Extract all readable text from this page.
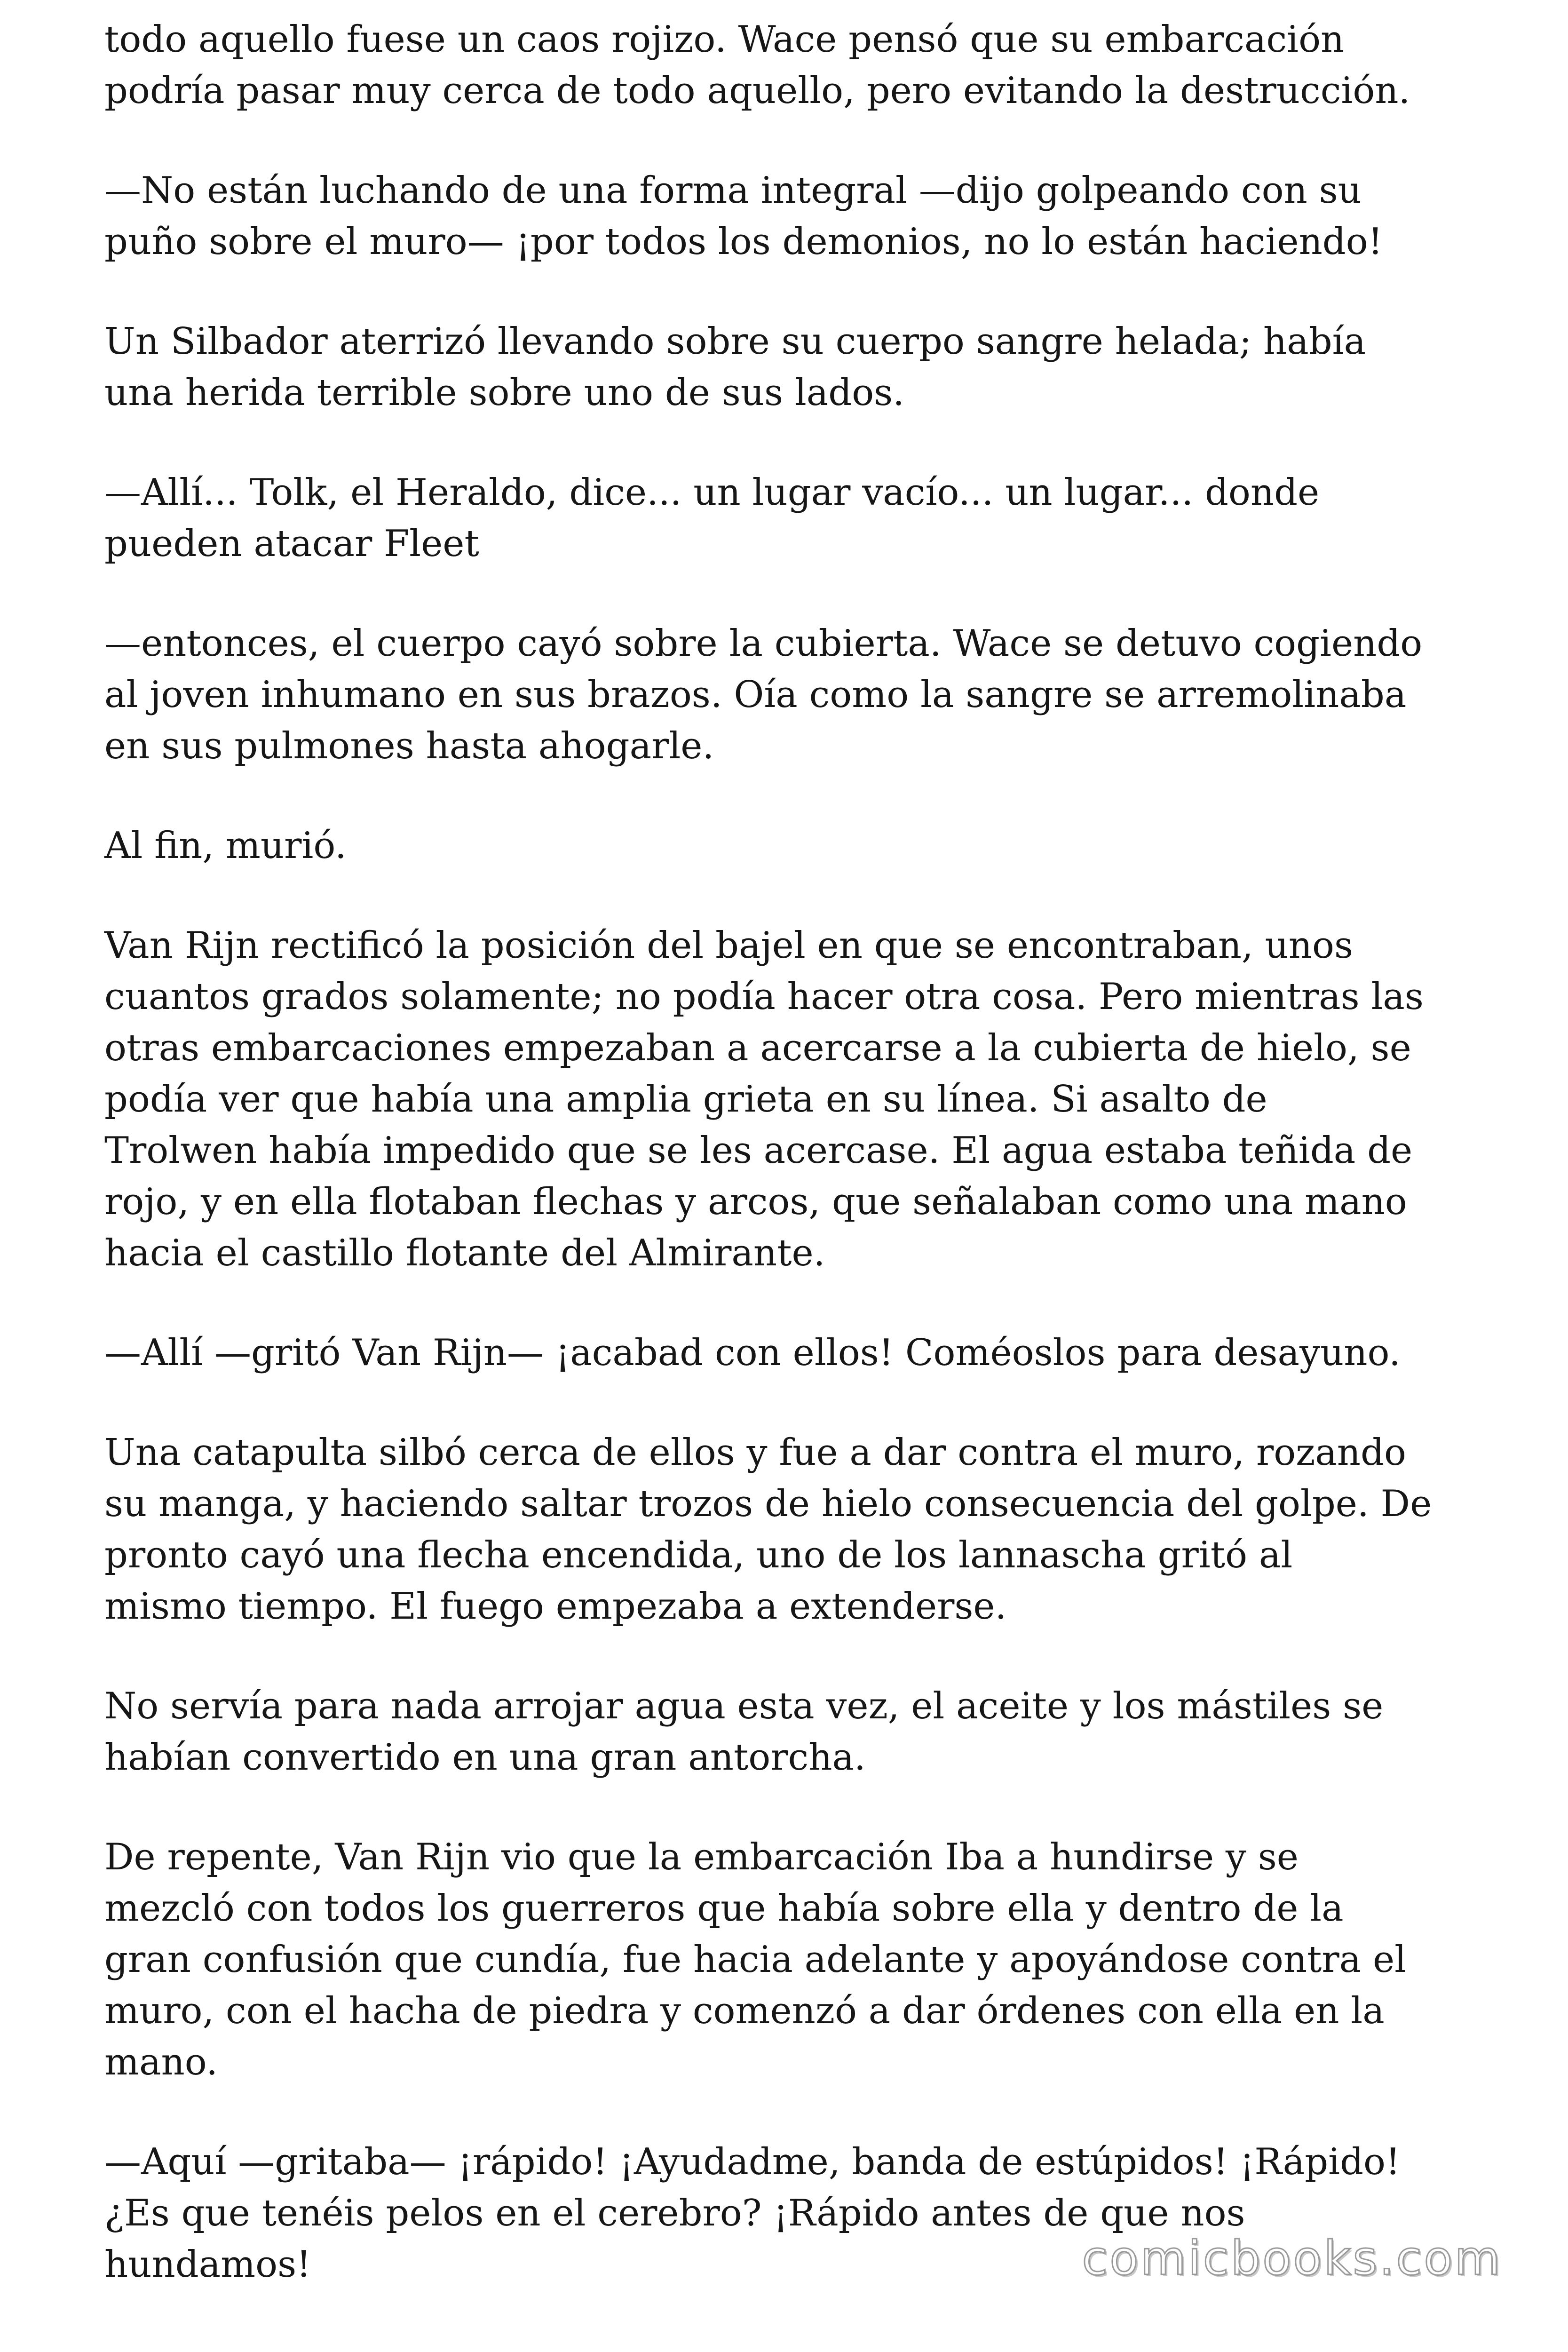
todo aquello fuese un caos rojizo. Wace pensó que su embarcación
podría pasar muy cerca de todo aquello, pero evitando la destrucción.

—No están luchando de una forma integral —dijo golpeando con su
puño sobre el muro— ¡por todos los demonios, no lo están haciendo!

Un Silbador aterrizó llevando sobre su cuerpo sangre helada; había
una herida terrible sobre uno de sus lados.

—Allí... Tolk, el Heraldo, dice... un lugar vacío... un lugar... donde
pueden atacar Fleet

—entonces, el cuerpo cayó sobre la cubierta. Wace se detuvo cogiendo
al joven inhumano en sus brazos. Oía como la sangre se arremolinaba
en sus pulmones hasta ahogarle.

Al fin, murió.

Van Rijn rectificó la posición del bajel en que se encontraban, unos
cuantos grados solamente; no podía hacer otra cosa. Pero mientras las
otras embarcaciones empezaban a acercarse a la cubierta de hielo, se
podía ver que había una amplia grieta en su línea. Si asalto de
Trolwen había impedido que se les acercase. El agua estaba teñida de
rojo, y en ella flotaban flechas y arcos, que señalaban como una mano
hacia el castillo flotante del Almirante.

—Allí —gritó Van Rijn— ¡acabad con ellos! Coméoslos para desayuno.

Una catapulta silbó cerca de ellos y fue a dar contra el muro, rozando
su manga, y haciendo saltar trozos de hielo consecuencia del golpe. De
pronto cayó una flecha encendida, uno de los lannascha gritó al
mismo tiempo. El fuego empezaba a extenderse.

No servía para nada arrojar agua esta vez, el aceite y los mástiles se
habían convertido en una gran antorcha.

De repente, Van Rijn vio que la embarcación Iba a hundirse y se
mezcló con todos los guerreros que había sobre ella y dentro de la
gran confusión que cundía, fue hacia adelante y apoyándose contra el
muro, con el hacha de piedra y comenzó a dar órdenes con ella en la
mano.

—Aquí —gritaba— ¡rápido! ¡Ayudadme, banda de estúpidos! ¡Rápido!
¿Es que tenéis pelos en el cerebro? ¡Rápido antes de que nos
hundamos!	comicbooks.com
